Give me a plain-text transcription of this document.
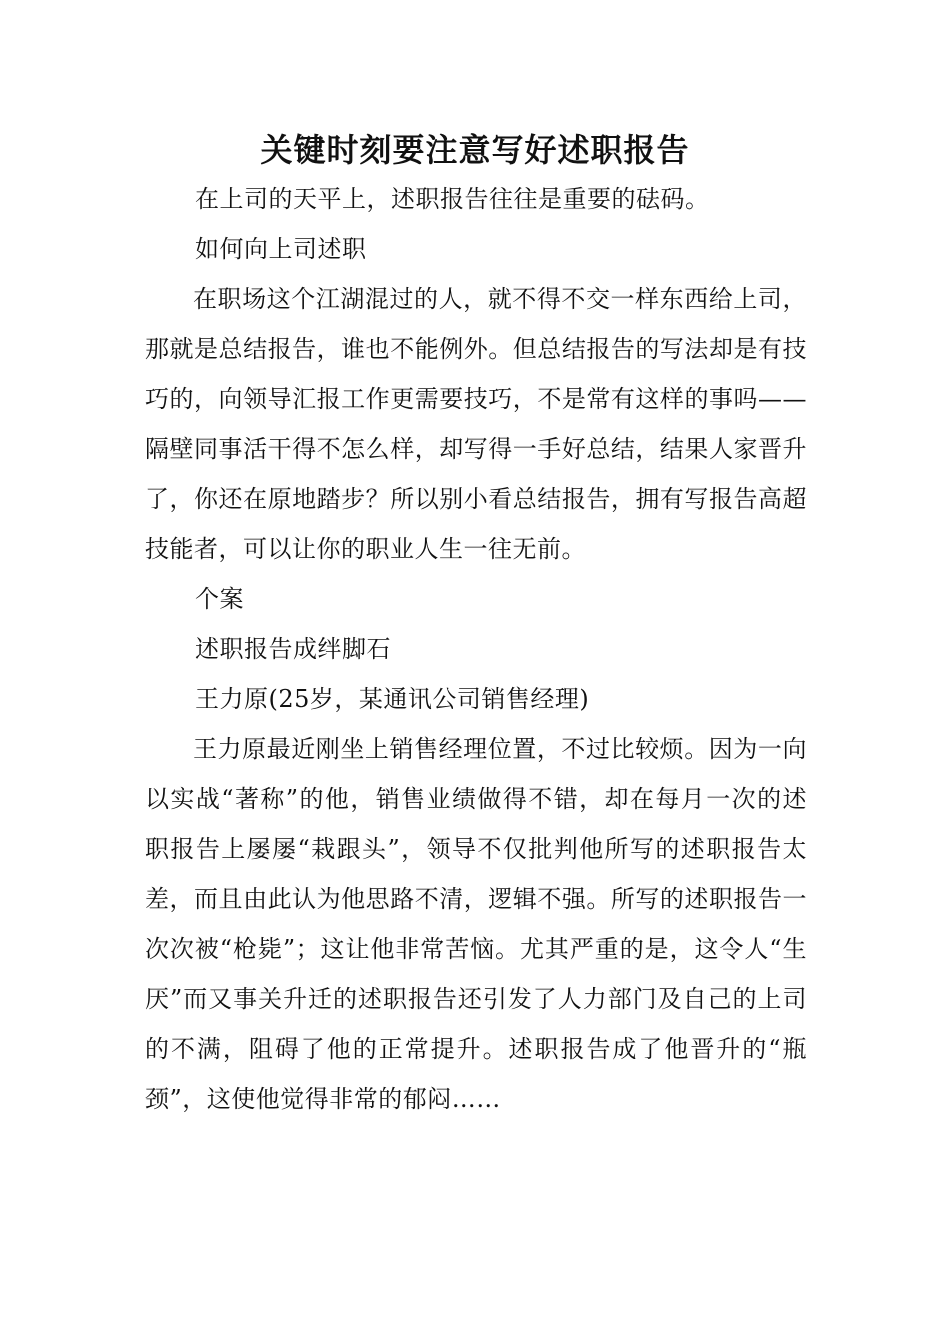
关键时刻要注意写好述职报告

在上司的天平上，述职报告往往是重要的砝码。

如何向上司述职

在职场这个江湖混过的人，就不得不交一样东西给上司，那就是总结报告，谁也不能例外。但总结报告的写法却是有技巧的，向领导汇报工作更需要技巧，不是常有这样的事吗——隔壁同事活干得不怎么样，却写得一手好总结，结果人家晋升了，你还在原地踏步？所以别小看总结报告，拥有写报告高超技能者，可以让你的职业人生一往无前。

个案

述职报告成绊脚石

王力原(25岁，某通讯公司销售经理)

王力原最近刚坐上销售经理位置，不过比较烦。因为一向以实战“著称”的他，销售业绩做得不错，却在每月一次的述职报告上屡屡“栽跟头”，领导不仅批判他所写的述职报告太差，而且由此认为他思路不清，逻辑不强。所写的述职报告一次次被“枪毙”；这让他非常苦恼。尤其严重的是，这令人“生厌”而又事关升迁的述职报告还引发了人力部门及自己的上司的不满，阻碍了他的正常提升。述职报告成了他晋升的“瓶颈”，这使他觉得非常的郁闷……
